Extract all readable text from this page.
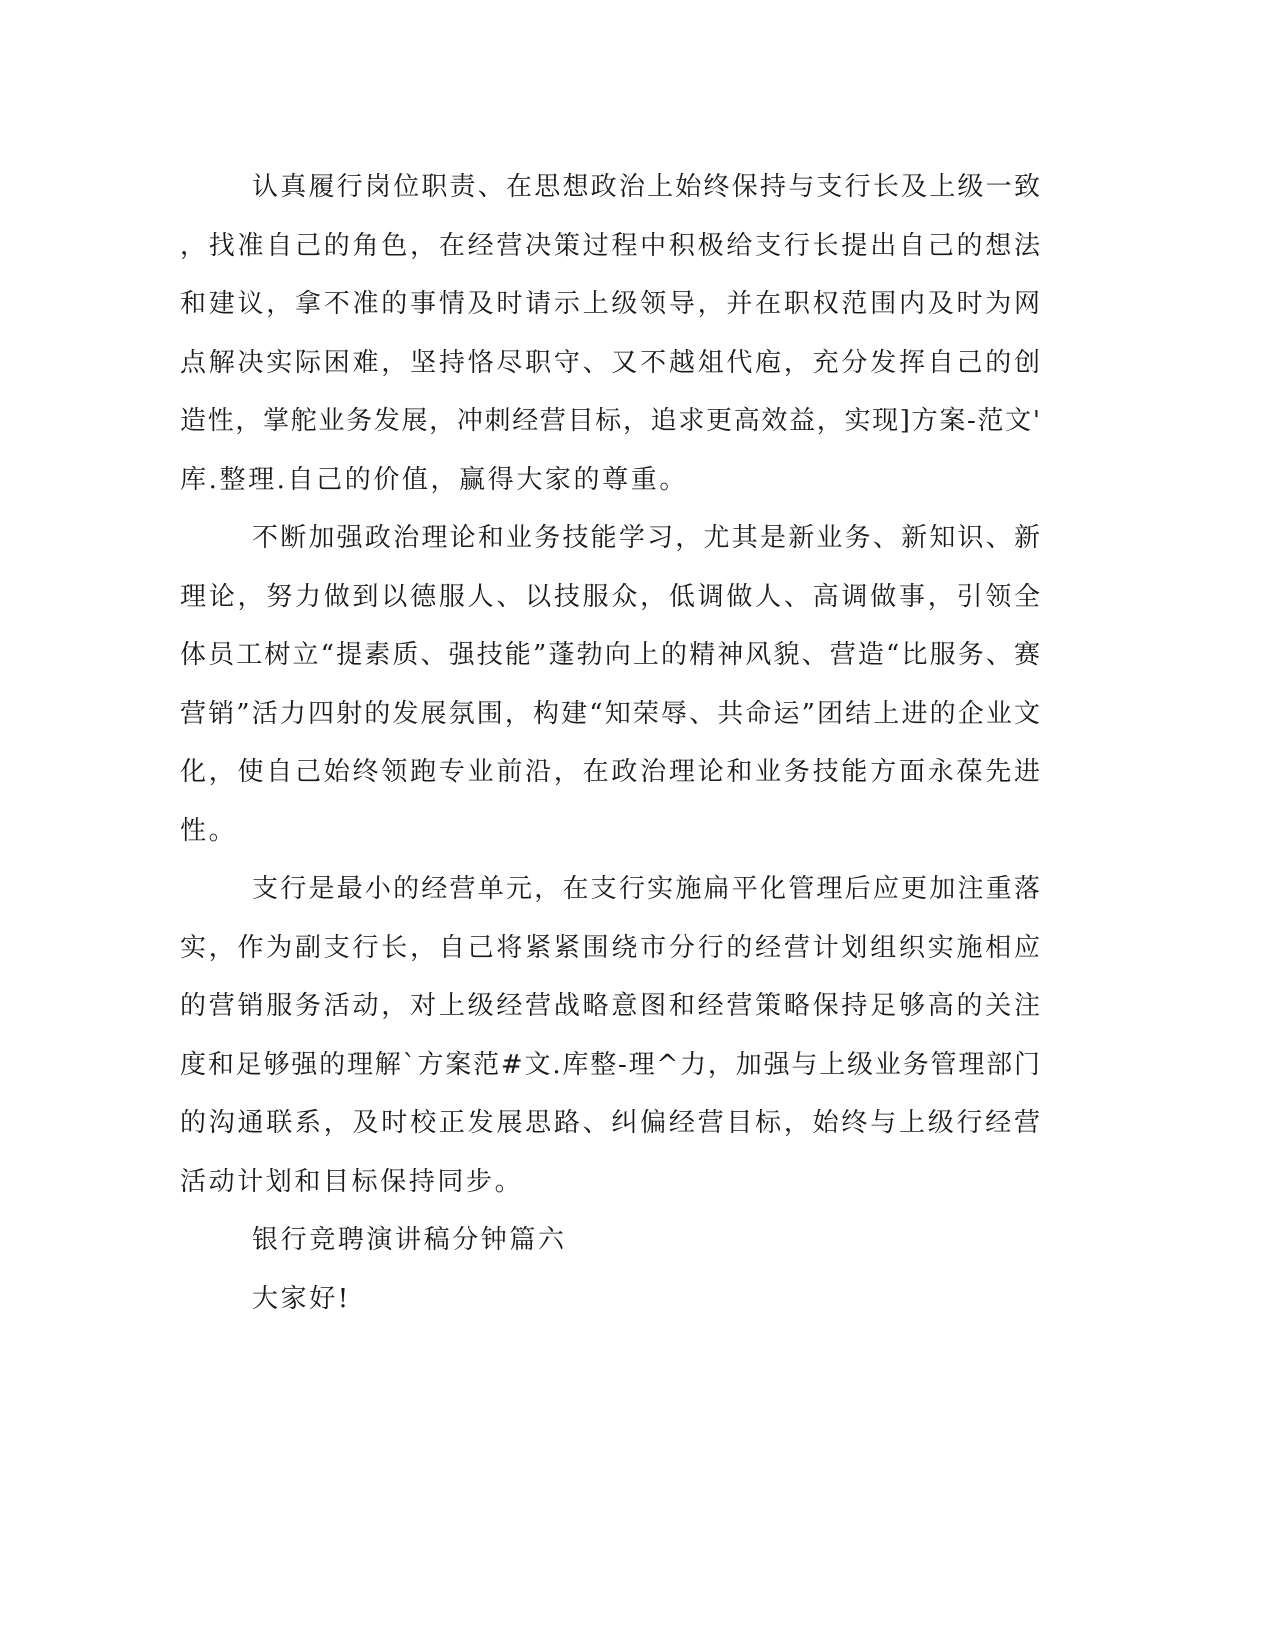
认真履行岗位职责、在思想政治上始终保持与支行长及上级一致
，找准自己的角色，在经营决策过程中积极给支行长提出自己的想法
和建议，拿不准的事情及时请示上级领导，并在职权范围内及时为网
点解决实际困难，坚持恪尽职守、又不越俎代庖，充分发挥自己的创
造性，掌舵业务发展，冲刺经营目标，追求更高效益，实现]方案-范文'
库.整理.自己的价值，赢得大家的尊重。
不断加强政治理论和业务技能学习，尤其是新业务、新知识、新
理论，努力做到以德服人、以技服众，低调做人、高调做事，引领全
体员工树立“提素质、强技能”蓬勃向上的精神风貌、营造“比服务、赛
营销”活力四射的发展氛围，构建“知荣辱、共命运”团结上进的企业文
化，使自己始终领跑专业前沿，在政治理论和业务技能方面永葆先进
性。
支行是最小的经营单元，在支行实施扁平化管理后应更加注重落
实，作为副支行长，自己将紧紧围绕市分行的经营计划组织实施相应
的营销服务活动，对上级经营战略意图和经营策略保持足够高的关注
度和足够强的理解`方案范#文.库整-理^力，加强与上级业务管理部门
的沟通联系，及时校正发展思路、纠偏经营目标，始终与上级行经营
活动计划和目标保持同步。
银行竞聘演讲稿分钟篇六
大家好!
